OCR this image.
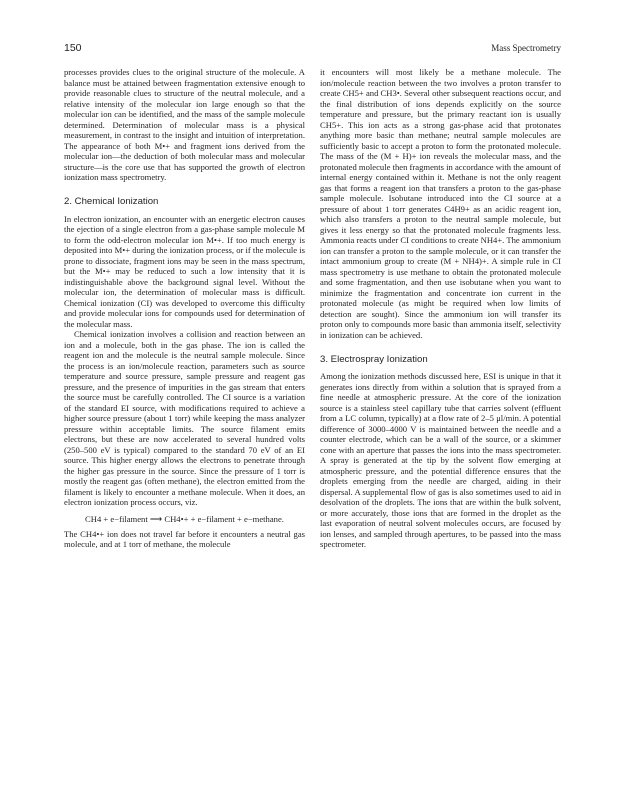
150	Mass Spectrometry

processes provides clues to the original structure of the molecule. A balance must be attained between fragmentation extensive enough to provide reasonable clues to structure of the neutral molecule, and a relative intensity of the molecular ion large enough so that the molecular ion can be identified, and the mass of the sample molecule determined. Determination of molecular mass is a physical measurement, in contrast to the insight and intuition of interpretation. The appearance of both M•+ and fragment ions derived from the molecular ion—the deduction of both molecular mass and molecular structure—is the core use that has supported the growth of electron ionization mass spectrometry.

2. Chemical Ionization

In electron ionization, an encounter with an energetic electron causes the ejection of a single electron from a gas-phase sample molecule M to form the odd-electron molecular ion M•+. If too much energy is deposited into M•+ during the ionization process, or if the molecule is prone to dissociate, fragment ions may be seen in the mass spectrum, but the M•+ may be reduced to such a low intensity that it is indistinguishable above the background signal level. Without the molecular ion, the determination of molecular mass is difficult. Chemical ionization (CI) was developed to overcome this difficulty and provide molecular ions for compounds used for determination of the molecular mass.

Chemical ionization involves a collision and reaction between an ion and a molecule, both in the gas phase. The ion is called the reagent ion and the molecule is the neutral sample molecule. Since the process is an ion/molecule reaction, parameters such as source temperature and source pressure, sample pressure and reagent gas pressure, and the presence of impurities in the gas stream that enters the source must be carefully controlled. The CI source is a variation of the standard EI source, with modifications required to achieve a higher source pressure (about 1 torr) while keeping the mass analyzer pressure within acceptable limits. The source filament emits electrons, but these are now accelerated to several hundred volts (250–500 eV is typical) compared to the standard 70 eV of an EI source. This higher energy allows the electrons to penetrate through the higher gas pressure in the source. Since the pressure of 1 torr is mostly the reagent gas (often methane), the electron emitted from the filament is likely to encounter a methane molecule. When it does, an electron ionization process occurs, viz.

CH4 + e−filament ⟶ CH4•+ + e−filament + e−methane.

The CH4•+ ion does not travel far before it encounters a neutral gas molecule, and at 1 torr of methane, the molecule

it encounters will most likely be a methane molecule. The ion/molecule reaction between the two involves a proton transfer to create CH5+ and CH3•. Several other subsequent reactions occur, and the final distribution of ions depends explicitly on the source temperature and pressure, but the primary reactant ion is usually CH5+. This ion acts as a strong gas-phase acid that protonates anything more basic than methane; neutral sample molecules are sufficiently basic to accept a proton to form the protonated molecule. The mass of the (M + H)+ ion reveals the molecular mass, and the protonated molecule then fragments in accordance with the amount of internal energy contained within it. Methane is not the only reagent gas that forms a reagent ion that transfers a proton to the gas-phase sample molecule. Isobutane introduced into the CI source at a pressure of about 1 torr generates C4H9+ as an acidic reagent ion, which also transfers a proton to the neutral sample molecule, but gives it less energy so that the protonated molecule fragments less. Ammonia reacts under CI conditions to create NH4+. The ammonium ion can transfer a proton to the sample molecule, or it can transfer the intact ammonium group to create (M + NH4)+. A simple rule in CI mass spectrometry is use methane to obtain the protonated molecule and some fragmentation, and then use isobutane when you want to minimize the fragmentation and concentrate ion current in the protonated molecule (as might be required when low limits of detection are sought). Since the ammonium ion will transfer its proton only to compounds more basic than ammonia itself, selectivity in ionization can be achieved.

3. Electrospray Ionization

Among the ionization methods discussed here, ESI is unique in that it generates ions directly from within a solution that is sprayed from a fine needle at atmospheric pressure. At the core of the ionization source is a stainless steel capillary tube that carries solvent (effluent from a LC column, typically) at a flow rate of 2–5 μl/min. A potential difference of 3000–4000 V is maintained between the needle and a counter electrode, which can be a wall of the source, or a skimmer cone with an aperture that passes the ions into the mass spectrometer. A spray is generated at the tip by the solvent flow emerging at atmospheric pressure, and the potential difference ensures that the droplets emerging from the needle are charged, aiding in their dispersal. A supplemental flow of gas is also sometimes used to aid in desolvation of the droplets. The ions that are within the bulk solvent, or more accurately, those ions that are formed in the droplet as the last evaporation of neutral solvent molecules occurs, are focused by ion lenses, and sampled through apertures, to be passed into the mass spectrometer.
